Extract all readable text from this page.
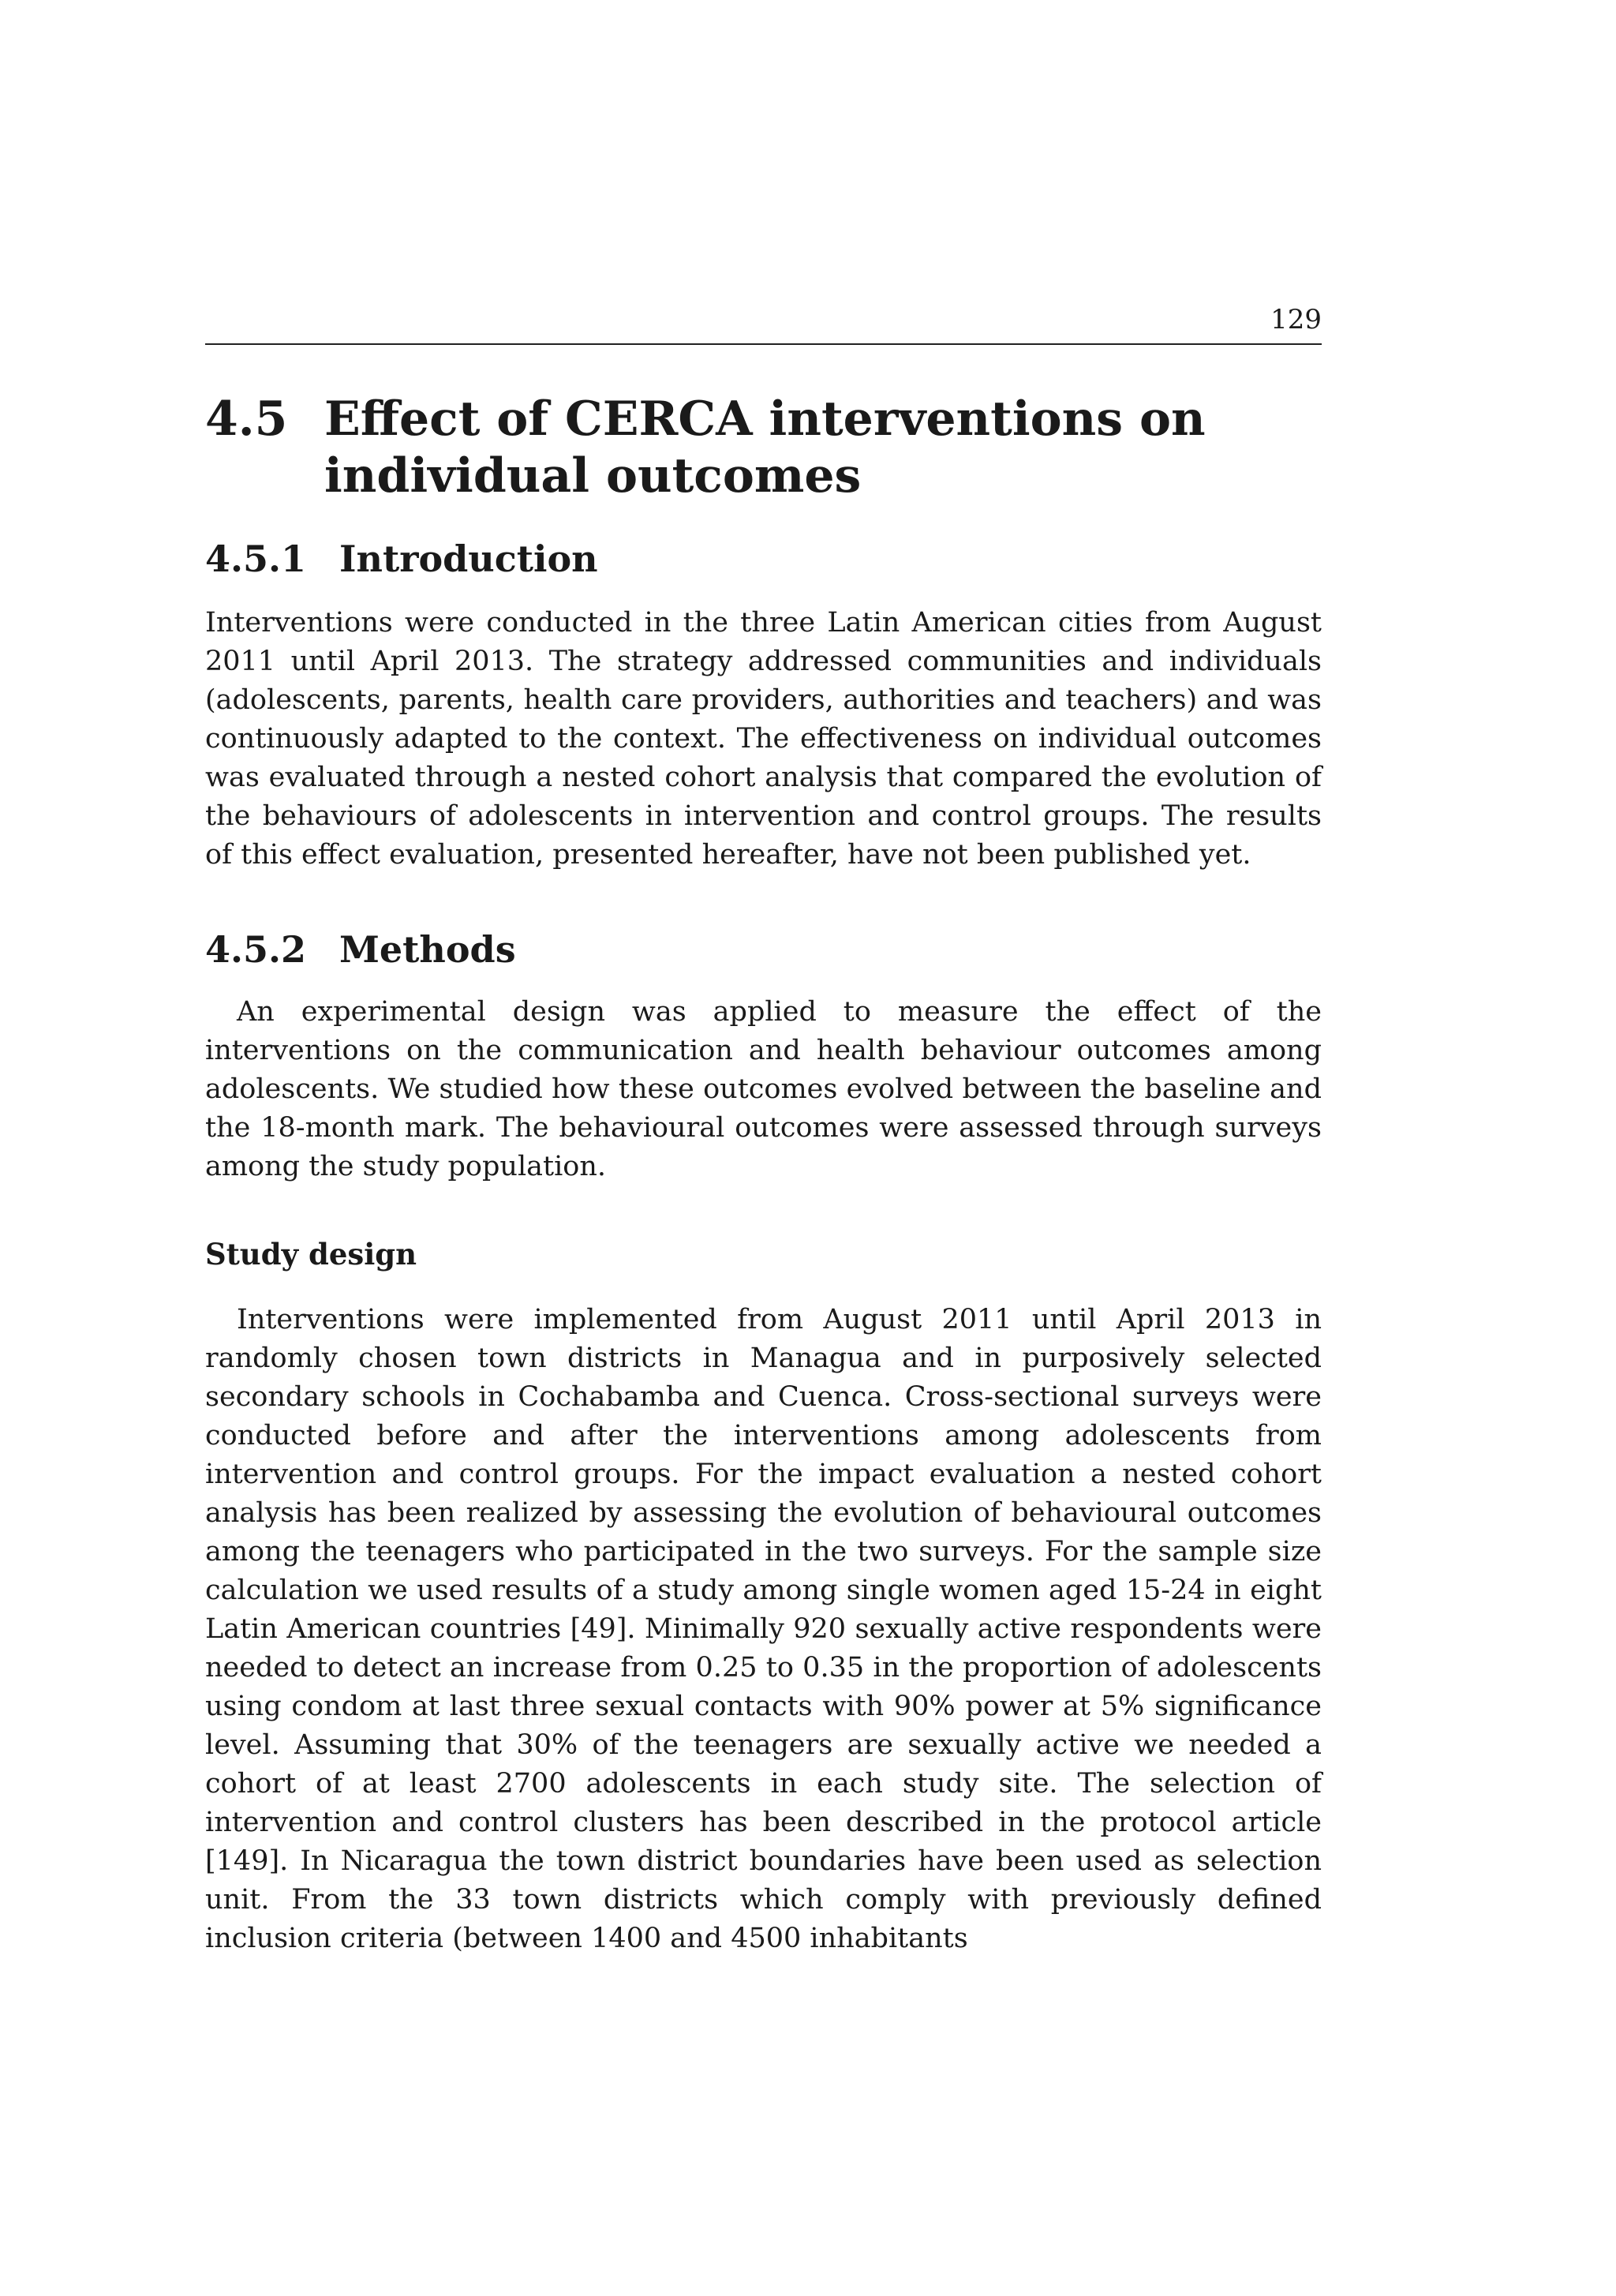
129
4.5 Effect of CERCA interventions on individual outcomes
4.5.1 Introduction

Interventions were conducted in the three Latin American cities from August 2011 until April 2013. The strategy addressed communities and individuals (adolescents, parents, health care providers, authorities and teachers) and was continuously adapted to the context. The effectiveness on individual outcomes was evaluated through a nested cohort analysis that compared the evolution of the behaviours of adolescents in intervention and control groups. The results of this effect evaluation, presented hereafter, have not been published yet.

4.5.2 Methods

An experimental design was applied to measure the effect of the interventions on the communication and health behaviour outcomes among adolescents. We studied how these outcomes evolved between the baseline and the 18-month mark. The behavioural outcomes were assessed through surveys among the study population.

Study design

Interventions were implemented from August 2011 until April 2013 in randomly chosen town districts in Managua and in purposively selected secondary schools in Cochabamba and Cuenca. Cross-sectional surveys were conducted before and after the interventions among adolescents from intervention and control groups. For the impact evaluation a nested cohort analysis has been realized by assessing the evolution of behavioural outcomes among the teenagers who participated in the two surveys. For the sample size calculation we used results of a study among single women aged 15-24 in eight Latin American countries [49]. Minimally 920 sexually active respondents were needed to detect an increase from 0.25 to 0.35 in the proportion of adolescents using condom at last three sexual contacts with 90% power at 5% significance level. Assuming that 30% of the teenagers are sexually active we needed a cohort of at least 2700 adolescents in each study site. The selection of intervention and control clusters has been described in the protocol article [149]. In Nicaragua the town district boundaries have been used as selection unit. From the 33 town districts which comply with previously defined inclusion criteria (between 1400 and 4500 inhabitants
